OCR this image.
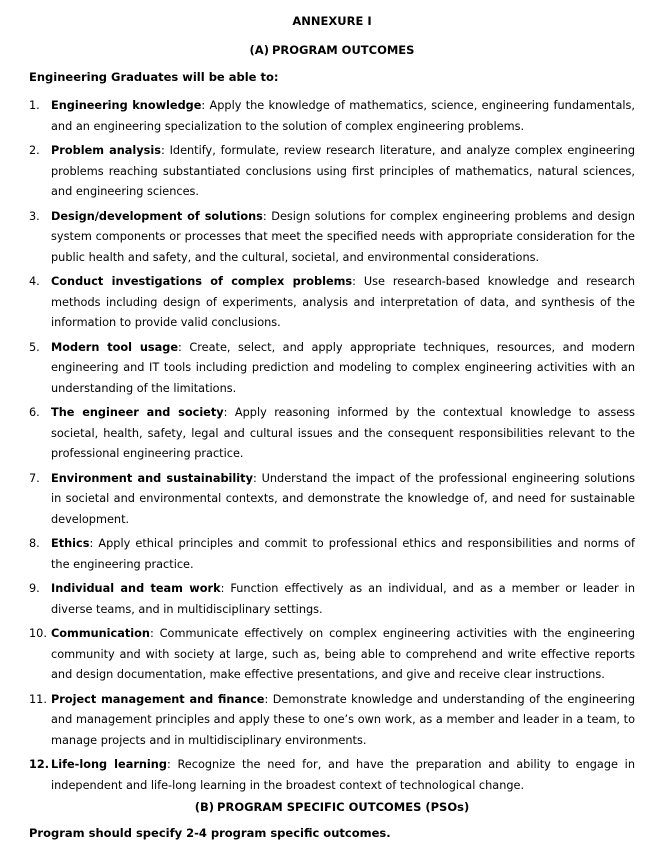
ANNEXURE I
(A) PROGRAM OUTCOMES
Engineering Graduates will be able to:
1. Engineering knowledge: Apply the knowledge of mathematics, science, engineering fundamentals, and an engineering specialization to the solution of complex engineering problems.
2. Problem analysis: Identify, formulate, review research literature, and analyze complex engineering problems reaching substantiated conclusions using first principles of mathematics, natural sciences, and engineering sciences.
3. Design/development of solutions: Design solutions for complex engineering problems and design system components or processes that meet the specified needs with appropriate consideration for the public health and safety, and the cultural, societal, and environmental considerations.
4. Conduct investigations of complex problems: Use research-based knowledge and research methods including design of experiments, analysis and interpretation of data, and synthesis of the information to provide valid conclusions.
5. Modern tool usage: Create, select, and apply appropriate techniques, resources, and modern engineering and IT tools including prediction and modeling to complex engineering activities with an understanding of the limitations.
6. The engineer and society: Apply reasoning informed by the contextual knowledge to assess societal, health, safety, legal and cultural issues and the consequent responsibilities relevant to the professional engineering practice.
7. Environment and sustainability: Understand the impact of the professional engineering solutions in societal and environmental contexts, and demonstrate the knowledge of, and need for sustainable development.
8. Ethics: Apply ethical principles and commit to professional ethics and responsibilities and norms of the engineering practice.
9. Individual and team work: Function effectively as an individual, and as a member or leader in diverse teams, and in multidisciplinary settings.
10. Communication: Communicate effectively on complex engineering activities with the engineering community and with society at large, such as, being able to comprehend and write effective reports and design documentation, make effective presentations, and give and receive clear instructions.
11. Project management and finance: Demonstrate knowledge and understanding of the engineering and management principles and apply these to one’s own work, as a member and leader in a team, to manage projects and in multidisciplinary environments.
12. Life-long learning: Recognize the need for, and have the preparation and ability to engage in independent and life-long learning in the broadest context of technological change.
(B) PROGRAM SPECIFIC OUTCOMES (PSOs)
Program should specify 2-4 program specific outcomes.
